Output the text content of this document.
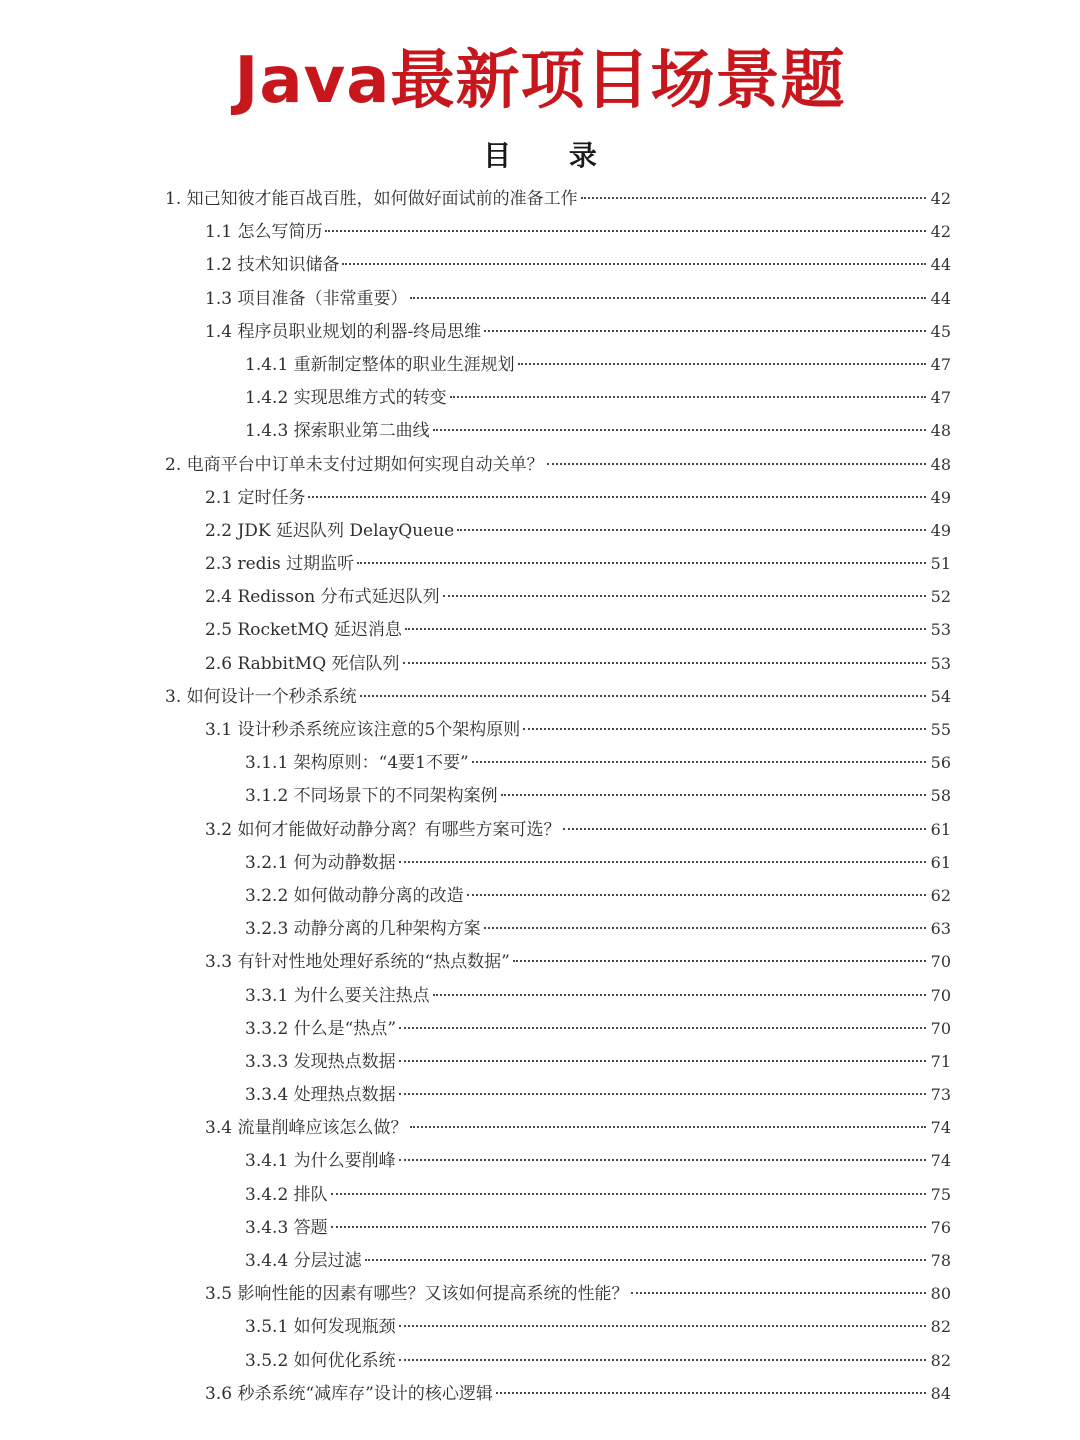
Java最新项目场景题
目 录
1. 知己知彼才能百战百胜，如何做好面试前的准备工作	42
1.1 怎么写简历	42
1.2 技术知识储备	44
1.3 项目准备（非常重要）	44
1.4 程序员职业规划的利器-终局思维	45
1.4.1 重新制定整体的职业生涯规划	47
1.4.2 实现思维方式的转变	47
1.4.3 探索职业第二曲线	48
2. 电商平台中订单未支付过期如何实现自动关单？	48
2.1 定时任务	49
2.2 JDK 延迟队列 DelayQueue	49
2.3 redis 过期监听	51
2.4 Redisson 分布式延迟队列	52
2.5 RocketMQ 延迟消息	53
2.6 RabbitMQ 死信队列	53
3. 如何设计一个秒杀系统	54
3.1 设计秒杀系统应该注意的5个架构原则	55
3.1.1 架构原则：“4要1不要”	56
3.1.2 不同场景下的不同架构案例	58
3.2 如何才能做好动静分离？有哪些方案可选？	61
3.2.1 何为动静数据	61
3.2.2 如何做动静分离的改造	62
3.2.3 动静分离的几种架构方案	63
3.3 有针对性地处理好系统的“热点数据”	70
3.3.1 为什么要关注热点	70
3.3.2 什么是“热点”	70
3.3.3 发现热点数据	71
3.3.4 处理热点数据	73
3.4 流量削峰应该怎么做？	74
3.4.1 为什么要削峰	74
3.4.2 排队	75
3.4.3 答题	76
3.4.4 分层过滤	78
3.5 影响性能的因素有哪些？又该如何提高系统的性能？	80
3.5.1 如何发现瓶颈	82
3.5.2 如何优化系统	82
3.6 秒杀系统“减库存”设计的核心逻辑	84
